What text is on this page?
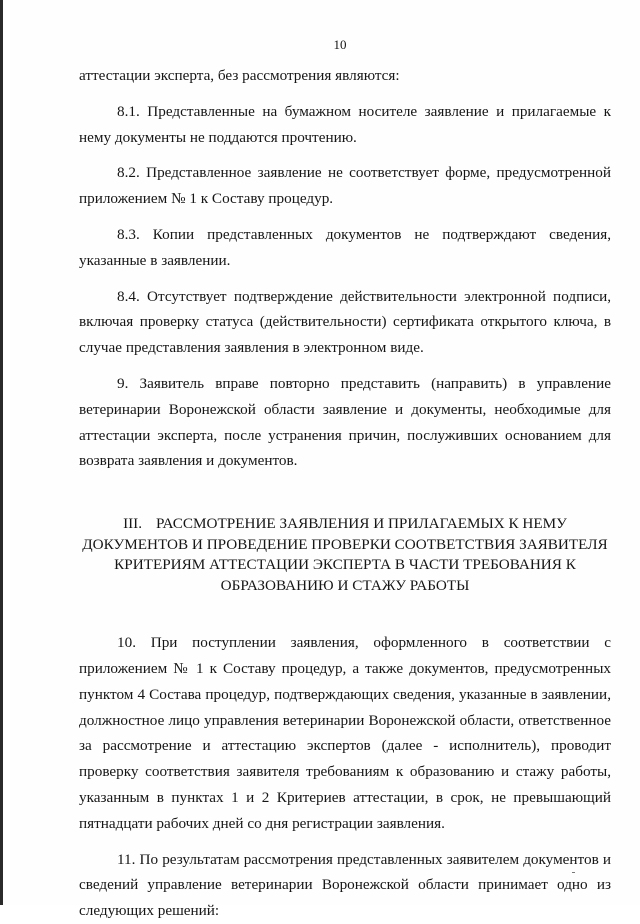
10

аттестации эксперта, без рассмотрения являются:

8.1. Представленные на бумажном носителе заявление и прилагаемые к нему документы не поддаются прочтению.

8.2. Представленное заявление не соответствует форме, предусмотренной приложением № 1 к Составу процедур.

8.3. Копии представленных документов не подтверждают сведения, указанные в заявлении.

8.4. Отсутствует подтверждение действительности электронной подписи, включая проверку статуса (действительности) сертификата открытого ключа, в случае представления заявления в электронном виде.

9. Заявитель вправе повторно представить (направить) в управление ветеринарии Воронежской области заявление и документы, необходимые для аттестации эксперта, после устранения причин, послуживших основанием для возврата заявления и документов.

III. РАССМОТРЕНИЕ ЗАЯВЛЕНИЯ И ПРИЛАГАЕМЫХ К НЕМУ ДОКУМЕНТОВ И ПРОВЕДЕНИЕ ПРОВЕРКИ СООТВЕТСТВИЯ ЗАЯВИТЕЛЯ КРИТЕРИЯМ АТТЕСТАЦИИ ЭКСПЕРТА В ЧАСТИ ТРЕБОВАНИЯ К ОБРАЗОВАНИЮ И СТАЖУ РАБОТЫ

10. При поступлении заявления, оформленного в соответствии с приложением № 1 к Составу процедур, а также документов, предусмотренных пунктом 4 Состава процедур, подтверждающих сведения, указанные в заявлении, должностное лицо управления ветеринарии Воронежской области, ответственное за рассмотрение и аттестацию экспертов (далее - исполнитель), проводит проверку соответствия заявителя требованиям к образованию и стажу работы, указанным в пунктах 1 и 2 Критериев аттестации, в срок, не превышающий пятнадцати рабочих дней со дня регистрации заявления.

11. По результатам рассмотрения представленных заявителем документов и сведений управление ветеринарии Воронежской области принимает одно из следующих решений:
